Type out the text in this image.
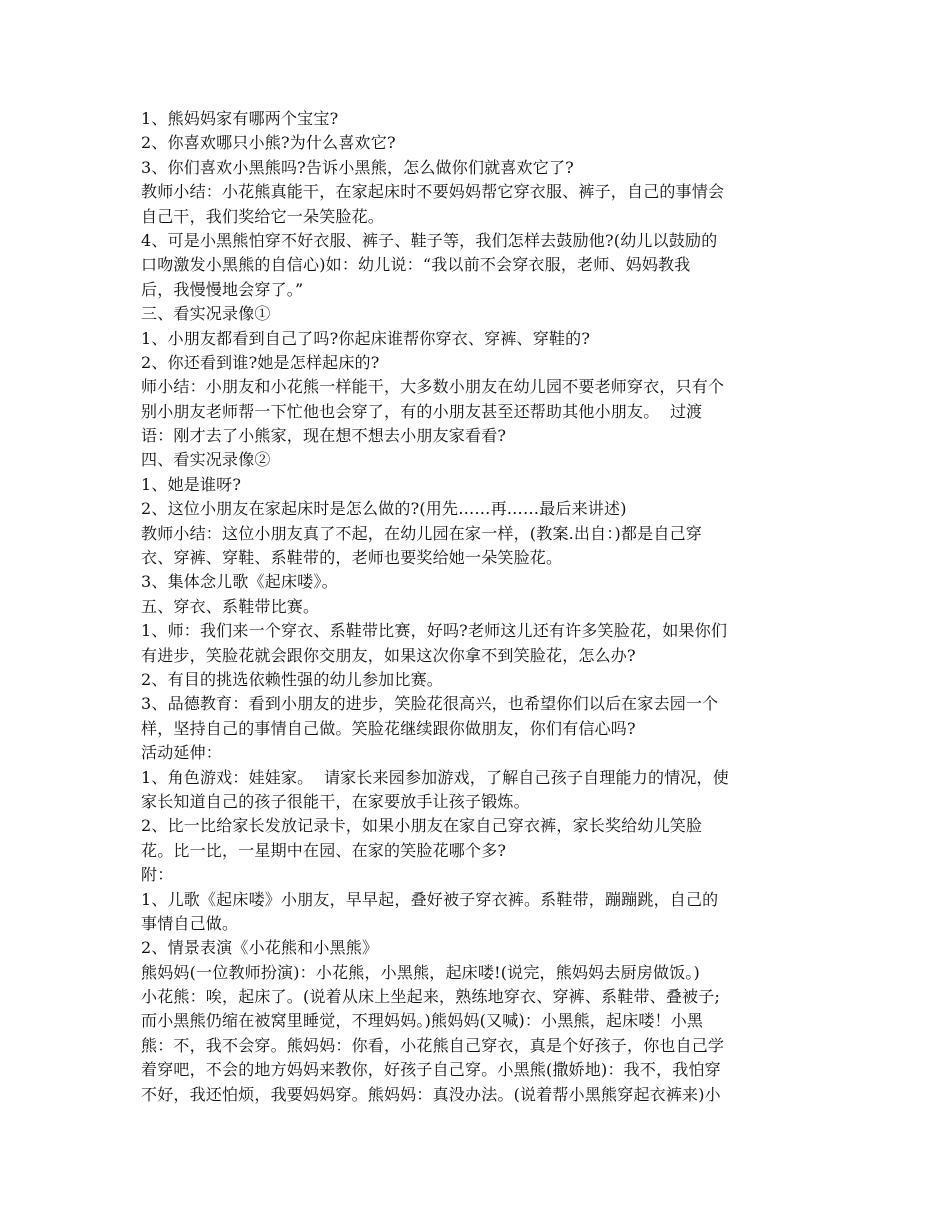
1、熊妈妈家有哪两个宝宝?
2、你喜欢哪只小熊?为什么喜欢它?
3、你们喜欢小黑熊吗?告诉小黑熊，怎么做你们就喜欢它了?
教师小结：小花熊真能干，在家起床时不要妈妈帮它穿衣服、裤子，自己的事情会
自己干，我们奖给它一朵笑脸花。
4、可是小黑熊怕穿不好衣服、裤子、鞋子等，我们怎样去鼓励他?(幼儿以鼓励的
口吻激发小黑熊的自信心)如：幼儿说：“我以前不会穿衣服，老师、妈妈教我
后，我慢慢地会穿了。”
三、看实况录像①
1、小朋友都看到自己了吗?你起床谁帮你穿衣、穿裤、穿鞋的?
2、你还看到谁?她是怎样起床的?
师小结：小朋友和小花熊一样能干，大多数小朋友在幼儿园不要老师穿衣，只有个
别小朋友老师帮一下忙他也会穿了，有的小朋友甚至还帮助其他小朋友。  过渡
语：刚才去了小熊家，现在想不想去小朋友家看看?
四、看实况录像②
1、她是谁呀?
2、这位小朋友在家起床时是怎么做的?(用先……再……最后来讲述)
教师小结：这位小朋友真了不起，在幼儿园在家一样，(教案.出自：)都是自己穿
衣、穿裤、穿鞋、系鞋带的，老师也要奖给她一朵笑脸花。
3、集体念儿歌《起床喽》。
五、穿衣、系鞋带比赛。
1、师：我们来一个穿衣、系鞋带比赛，好吗?老师这儿还有许多笑脸花，如果你们
有进步，笑脸花就会跟你交朋友，如果这次你拿不到笑脸花，怎么办?
2、有目的挑选依赖性强的幼儿参加比赛。
3、品德教育：看到小朋友的进步，笑脸花很高兴，也希望你们以后在家去园一个
样，坚持自己的事情自己做。笑脸花继续跟你做朋友，你们有信心吗?
活动延伸：
1、角色游戏：娃娃家。  请家长来园参加游戏，了解自己孩子自理能力的情况，使
家长知道自己的孩子很能干，在家要放手让孩子锻炼。
2、比一比给家长发放记录卡，如果小朋友在家自己穿衣裤，家长奖给幼儿笑脸
花。比一比，一星期中在园、在家的笑脸花哪个多?
附：
1、儿歌《起床喽》小朋友，早早起，叠好被子穿衣裤。系鞋带，蹦蹦跳，自己的
事情自己做。
2、情景表演《小花熊和小黑熊》
熊妈妈(一位教师扮演)：小花熊，小黑熊，起床喽!(说完，熊妈妈去厨房做饭。)
小花熊：唉，起床了。(说着从床上坐起来，熟练地穿衣、穿裤、系鞋带、叠被子;
而小黑熊仍缩在被窝里睡觉，不理妈妈。)熊妈妈(又喊)：小黑熊，起床喽！小黑
熊：不，我不会穿。熊妈妈：你看，小花熊自己穿衣，真是个好孩子，你也自己学
着穿吧，不会的地方妈妈来教你，好孩子自己穿。小黑熊(撒娇地)：我不，我怕穿
不好，我还怕烦，我要妈妈穿。熊妈妈：真没办法。(说着帮小黑熊穿起衣裤来)小
